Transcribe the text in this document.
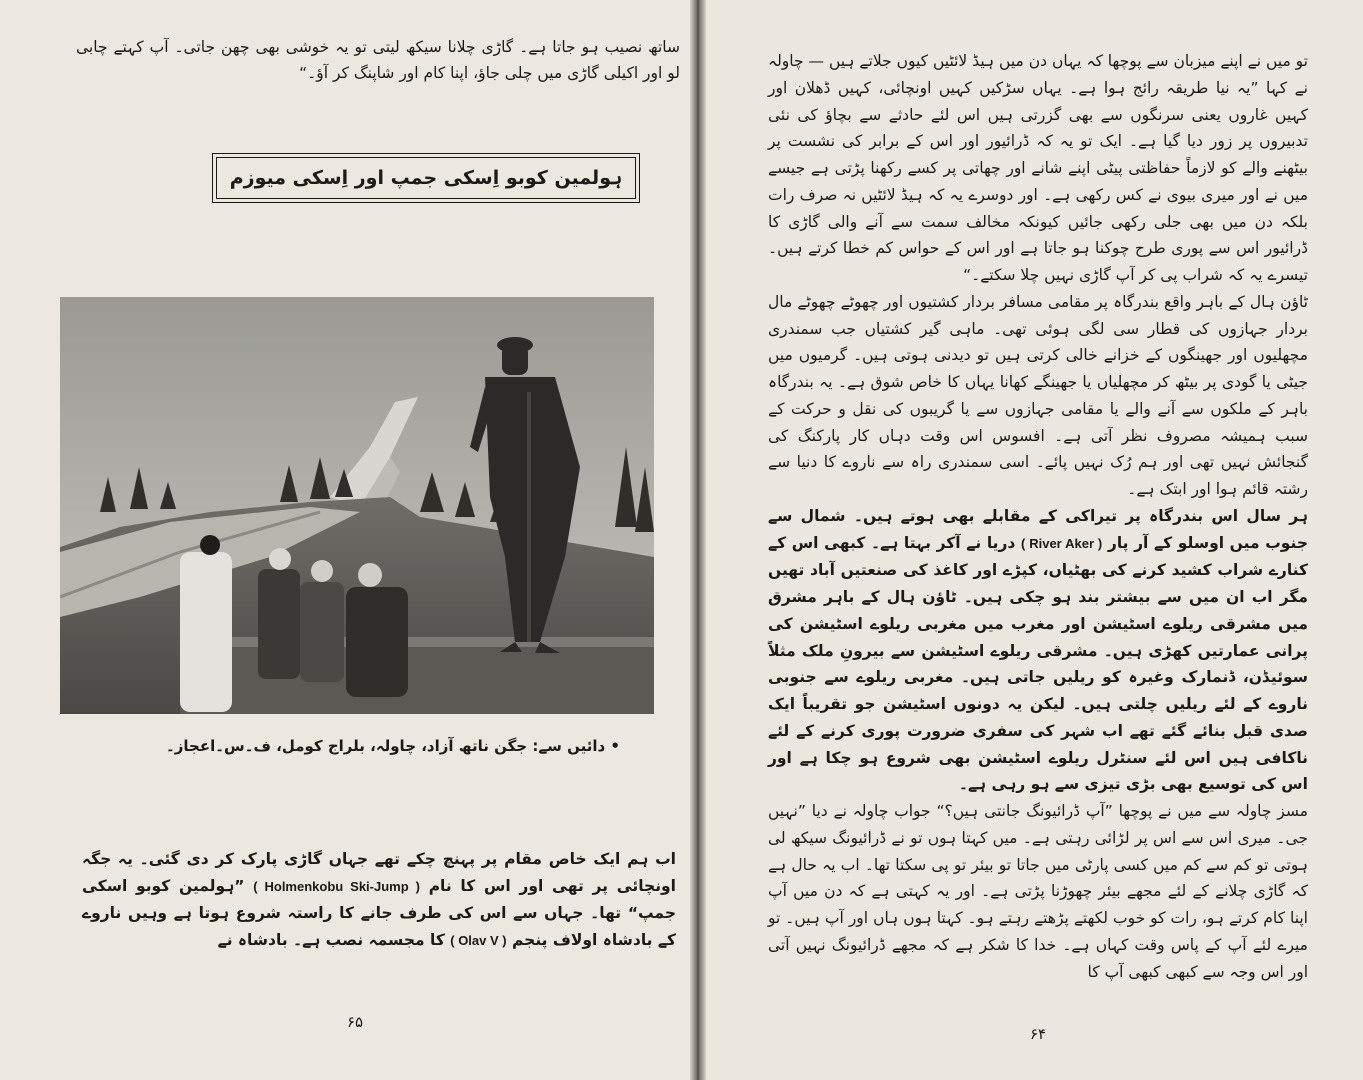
ساتھ نصیب ہو جاتا ہے۔ گاڑی چلانا سیکھ لیتی تو یہ خوشی بھی چھن جاتی۔ آپ کہتے چابی لو اور اکیلی گاڑی میں چلی جاؤ، اپنا کام اور شاپنگ کر آؤ۔“

ہولمین کوبو اِسکی جمپ اور اِسکی میوزم

• دائیں سے: جگن ناتھ آزاد، چاولہ، بلراج کومل، ف۔س۔اعجاز۔

اب ہم ایک خاص مقام پر پہنچ چکے تھے جہاں گاڑی پارک کر دی گئی۔ یہ جگہ اونچائی پر تھی اور اس کا نام ( Holmenkobu Ski-Jump ) ”ہولمین کوبو اسکی جمپ“ تھا۔ جہاں سے اس کی طرف جانے کا راستہ شروع ہوتا ہے وہیں ناروے کے بادشاہ اولاف پنجم ( Olav V ) کا مجسمہ نصب ہے۔ بادشاہ نے

۶۵

تو میں نے اپنے میزبان سے پوچھا کہ یہاں دن میں ہیڈ لائٹیں کیوں جلاتے ہیں — چاولہ نے کہا ”یہ نیا طریقہ رائج ہوا ہے۔ یہاں سڑکیں کہیں اونچائی، کہیں ڈھلان اور کہیں غاروں یعنی سرنگوں سے بھی گزرتی ہیں اس لئے حادثے سے بچاؤ کی نئی تدبیروں پر زور دیا گیا ہے۔ ایک تو یہ کہ ڈرائیور اور اس کے برابر کی نشست پر بیٹھنے والے کو لازماً حفاظتی پیٹی اپنے شانے اور چھاتی پر کسے رکھنا پڑتی ہے جیسے میں نے اور میری بیوی نے کس رکھی ہے۔ اور دوسرے یہ کہ ہیڈ لائٹیں نہ صرف رات بلکہ دن میں بھی جلی رکھی جائیں کیونکہ مخالف سمت سے آنے والی گاڑی کا ڈرائیور اس سے پوری طرح چوکنا ہو جاتا ہے اور اس کے حواس کم خطا کرتے ہیں۔ تیسرے یہ کہ شراب پی کر آپ گاڑی نہیں چلا سکتے۔“

ٹاؤن ہال کے باہر واقع بندرگاہ پر مقامی مسافر بردار کشتیوں اور چھوٹے چھوٹے مال بردار جہازوں کی قطار سی لگی ہوئی تھی۔ ماہی گیر کشتیاں جب سمندری مچھلیوں اور جھینگوں کے خزانے خالی کرتی ہیں تو دیدنی ہوتی ہیں۔ گرمیوں میں جیٹی یا گودی پر بیٹھ کر مچھلیاں یا جھینگے کھانا یہاں کا خاص شوق ہے۔ یہ بندرگاہ باہر کے ملکوں سے آنے والے یا مقامی جہازوں سے یا گریبوں کی نقل و حرکت کے سبب ہمیشہ مصروف نظر آتی ہے۔ افسوس اس وقت دہاں کار پارکنگ کی گنجائش نہیں تھی اور ہم رُک نہیں پائے۔ اسی سمندری راہ سے ناروے کا دنیا سے رشتہ قائم ہوا اور ابتک ہے۔

ہر سال اس بندرگاہ پر تیراکی کے مقابلے بھی ہوتے ہیں۔ شمال سے جنوب میں اوسلو کے آر پار ( River Aker ) دریا نے آکر بہتا ہے۔ کبھی اس کے کنارے شراب کشید کرنے کی بھٹیاں، کپڑے اور کاغذ کی صنعتیں آباد تھیں مگر اب ان میں سے بیشتر بند ہو چکی ہیں۔ ٹاؤن ہال کے باہر مشرق میں مشرقی ریلوے اسٹیشن اور مغرب میں مغربی ریلوے اسٹیشن کی پرانی عمارتیں کھڑی ہیں۔ مشرقی ریلوے اسٹیشن سے بیرونِ ملک مثلاً سوئیڈن، ڈنمارک وغیرہ کو ریلیں جاتی ہیں۔ مغربی ریلوے سے جنوبی ناروے کے لئے ریلیں چلتی ہیں۔ لیکن یہ دونوں اسٹیشن جو تقریباً ایک صدی قبل بنائے گئے تھے اب شہر کی سفری ضرورت پوری کرنے کے لئے ناکافی ہیں اس لئے سنٹرل ریلوے اسٹیشن بھی شروع ہو چکا ہے اور اس کی توسیع بھی بڑی تیزی سے ہو رہی ہے۔

مسز چاولہ سے میں نے پوچھا ”آپ ڈرائیونگ جانتی ہیں؟“ جواب چاولہ نے دیا ”نہیں جی۔ میری اس سے اس پر لڑائی رہتی ہے۔ میں کہتا ہوں تو نے ڈرائیونگ سیکھ لی ہوتی تو کم سے کم میں کسی پارٹی میں جاتا تو بیئر تو پی سکتا تھا۔ اب یہ حال ہے کہ گاڑی چلانے کے لئے مجھے بیئر چھوڑنا پڑتی ہے۔ اور یہ کہتی ہے کہ دن میں آپ اپنا کام کرتے ہو، رات کو خوب لکھتے پڑھتے رہتے ہو۔ کہتا ہوں ہاں اور آپ ہیں۔ تو میرے لئے آپ کے پاس وقت کہاں ہے۔ خدا کا شکر ہے کہ مجھے ڈرائیونگ نہیں آتی اور اس وجہ سے کبھی کبھی آپ کا

۶۴
